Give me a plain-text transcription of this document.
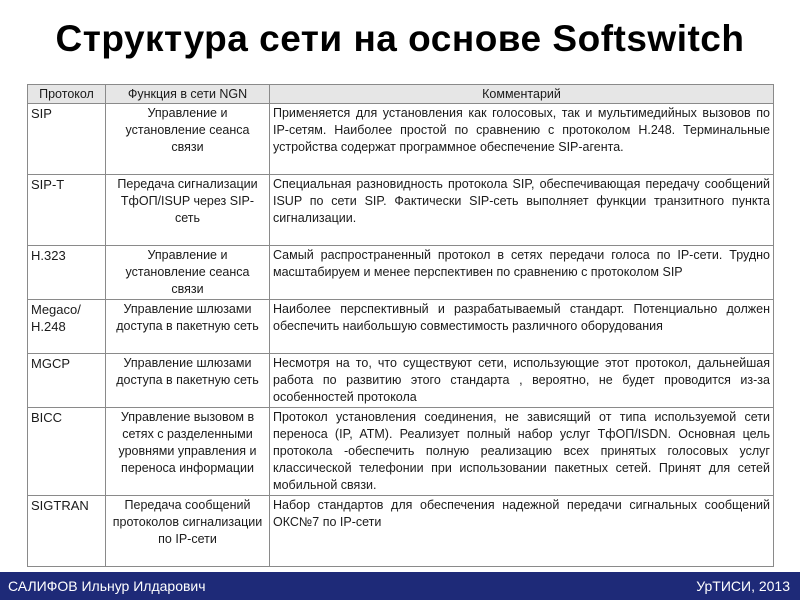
Структура сети на основе Softswitch
Протокол	Функция в сети NGN	Комментарий
SIP	Управление и установление сеанса связи	Применяется для установления как голосовых, так и мультимедийных вызовов по IP-сетям. Наиболее простой по сравнению с протоколом H.248. Терминальные устройства содержат программное обеспечение SIP-агента.
SIP-T	Передача сигнализации ТфОП/ISUP через SIP-сеть	Специальная разновидность протокола SIP, обеспечивающая передачу сообщений ISUP по сети SIP. Фактически SIP-сеть выполняет функции транзитного пункта сигнализации.
H.323	Управление и установление сеанса связи	Самый распространенный протокол в сетях передачи голоса по IP-сети. Трудно масштабируем и менее перспективен по сравнению с протоколом SIP
Megaco/ H.248	Управление шлюзами доступа в пакетную сеть	Наиболее перспективный и разрабатываемый стандарт. Потенциально должен обеспечить наибольшую совместимость различного оборудования
MGCP	Управление шлюзами доступа в пакетную сеть	Несмотря на то, что существуют сети, использующие этот протокол, дальнейшая работа по развитию этого стандарта , вероятно, не будет проводится из-за особенностей протокола
BICC	Управление вызовом в сетях с разделенными уровнями управления и переноса информации	Протокол установления соединения, не зависящий от типа используемой сети переноса (IP, ATM). Реализует полный набор услуг ТфОП/ISDN. Основная цель протокола -обеспечить полную реализацию всех принятых голосовых услуг классической телефонии при использовании пакетных сетей. Принят для сетей мобильной связи.
SIGTRAN	Передача сообщений протоколов сигнализации по IP-сети	Набор стандартов для обеспечения надежной передачи сигнальных сообщений ОКС№7 по IP-сети
САЛИФОВ Ильнур Илдарович	УрТИСИ, 2013
